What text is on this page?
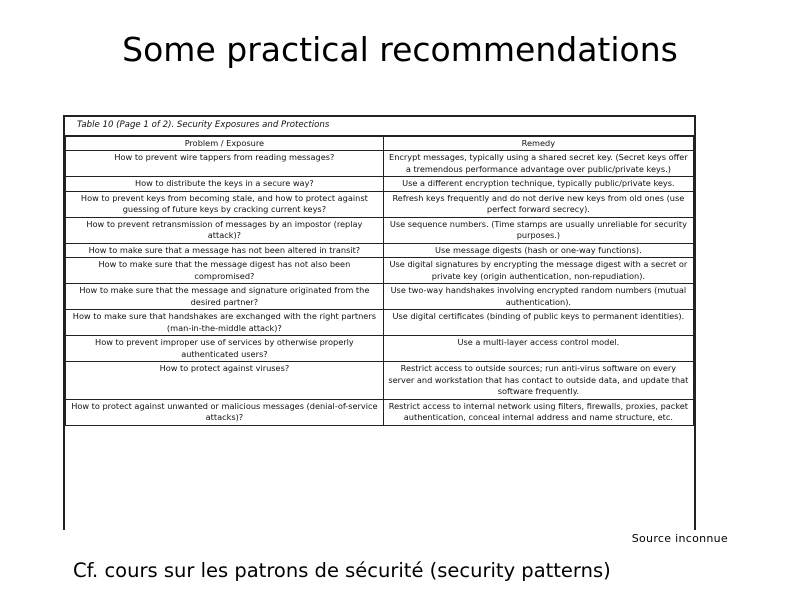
Some practical recommendations
Table 10 (Page 1 of 2). Security Exposures and Protections
Problem / Exposure	Remedy
How to prevent wire tappers from reading messages?	Encrypt messages, typically using a shared secret key. (Secret keys offer a tremendous performance advantage over public/private keys.)
How to distribute the keys in a secure way?	Use a different encryption technique, typically public/private keys.
How to prevent keys from becoming stale, and how to protect against guessing of future keys by cracking current keys?	Refresh keys frequently and do not derive new keys from old ones (use perfect forward secrecy).
How to prevent retransmission of messages by an impostor (replay attack)?	Use sequence numbers. (Time stamps are usually unreliable for security purposes.)
How to make sure that a message has not been altered in transit?	Use message digests (hash or one-way functions).
How to make sure that the message digest has not also been compromised?	Use digital signatures by encrypting the message digest with a secret or private key (origin authentication, non-repudiation).
How to make sure that the message and signature originated from the desired partner?	Use two-way handshakes involving encrypted random numbers (mutual authentication).
How to make sure that handshakes are exchanged with the right partners (man-in-the-middle attack)?	Use digital certificates (binding of public keys to permanent identities).
How to prevent improper use of services by otherwise properly authenticated users?	Use a multi-layer access control model.
How to protect against viruses?	Restrict access to outside sources; run anti-virus software on every server and workstation that has contact to outside data, and update that software frequently.
How to protect against unwanted or malicious messages (denial-of-service attacks)?	Restrict access to internal network using filters, firewalls, proxies, packet authentication, conceal internal address and name structure, etc.
Source inconnue
Cf. cours sur les patrons de sécurité (security patterns)
